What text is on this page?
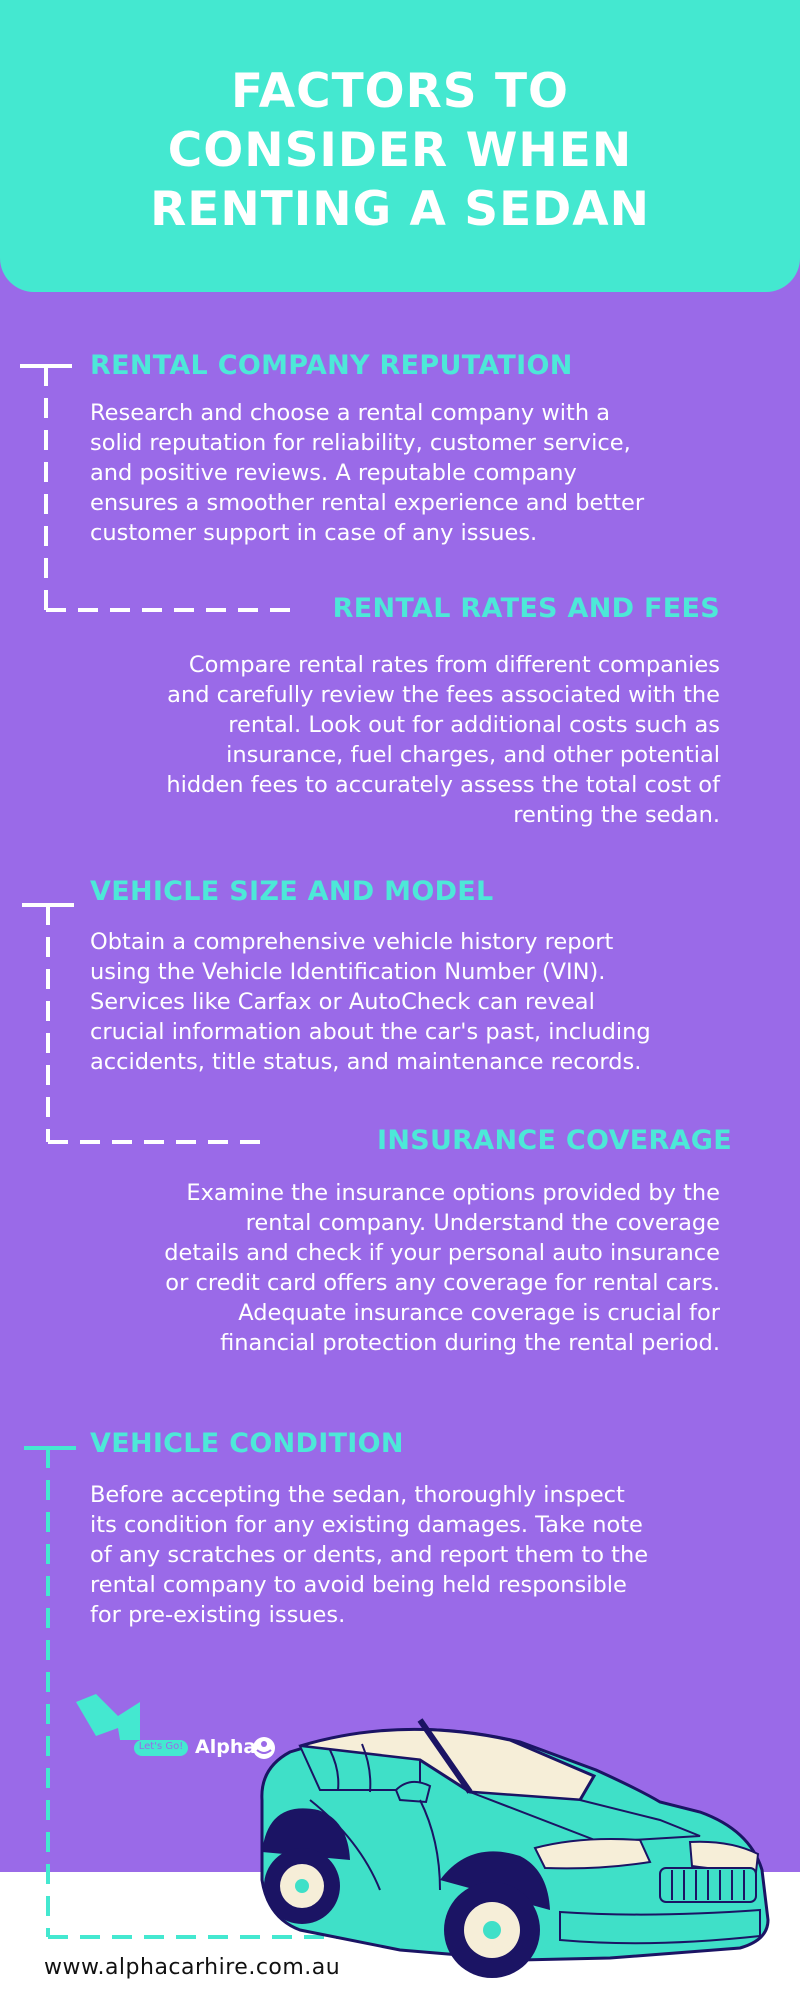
FACTORS TO
CONSIDER WHEN
RENTING A SEDAN
RENTAL COMPANY REPUTATION
Research and choose a rental company with a
solid reputation for reliability, customer service,
and positive reviews. A reputable company
ensures a smoother rental experience and better
customer support in case of any issues.
RENTAL RATES AND FEES
Compare rental rates from different companies
and carefully review the fees associated with the
rental. Look out for additional costs such as
insurance, fuel charges, and other potential
hidden fees to accurately assess the total cost of
renting the sedan.
VEHICLE SIZE AND MODEL
Obtain a comprehensive vehicle history report
using the Vehicle Identification Number (VIN).
Services like Carfax or AutoCheck can reveal
crucial information about the car's past, including
accidents, title status, and maintenance records.
INSURANCE COVERAGE
Examine the insurance options provided by the
rental company. Understand the coverage
details and check if your personal auto insurance
or credit card offers any coverage for rental cars.
Adequate insurance coverage is crucial for
financial protection during the rental period.
VEHICLE CONDITION
Before accepting the sedan, thoroughly inspect
its condition for any existing damages. Take note
of any scratches or dents, and report them to the
rental company to avoid being held responsible
for pre-existing issues.
Let's Go! Alpha
www.alphacarhire.com.au
